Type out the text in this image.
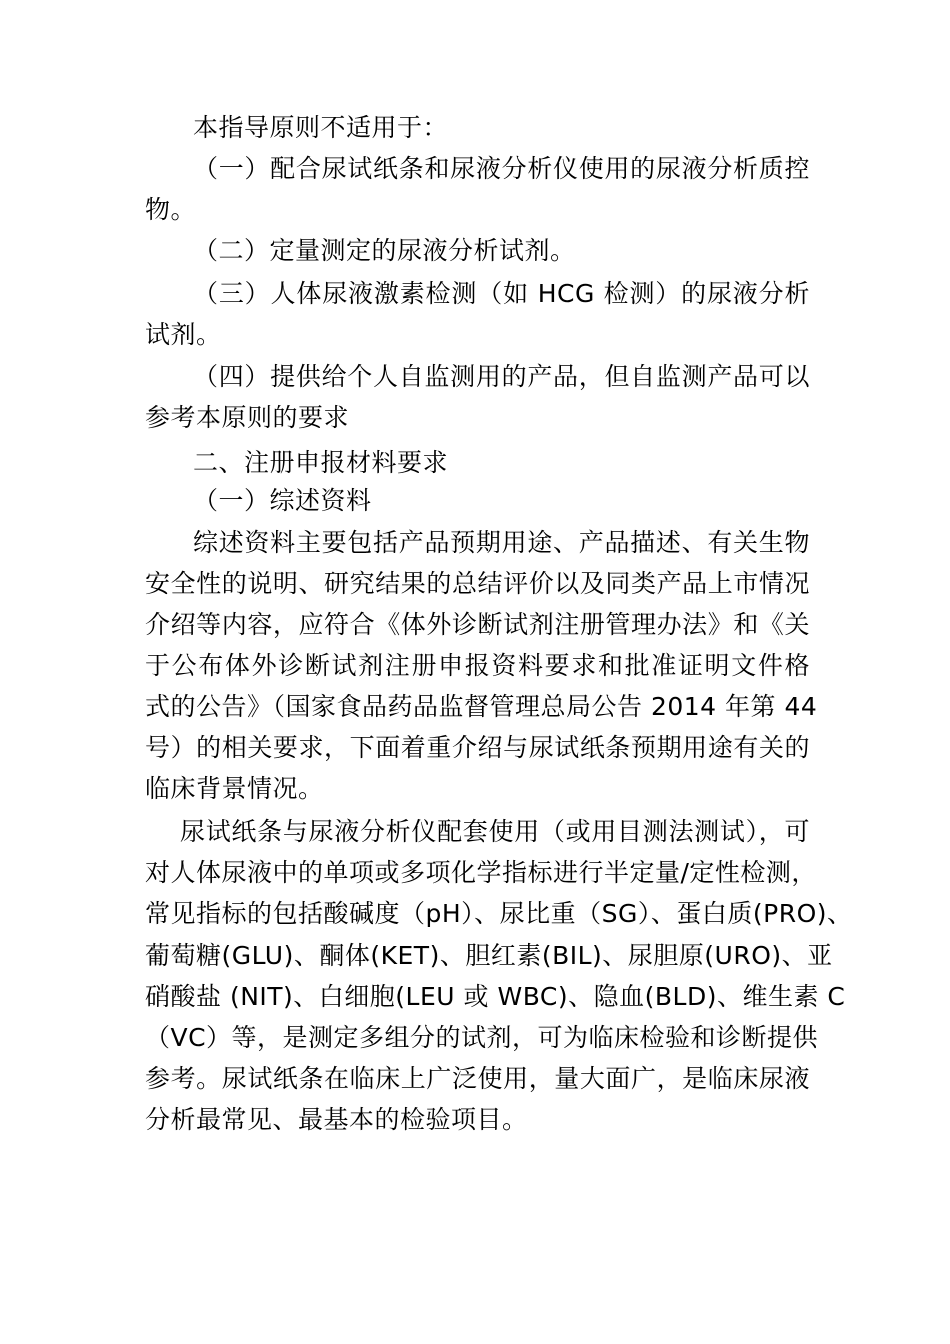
本指导原则不适用于：
（一）配合尿试纸条和尿液分析仪使用的尿液分析质控
物。
（二）定量测定的尿液分析试剂。
（三）人体尿液激素检测（如 HCG 检测）的尿液分析
试剂。
（四）提供给个人自监测用的产品，但自监测产品可以
参考本原则的要求
二、注册申报材料要求
（一）综述资料
综述资料主要包括产品预期用途、产品描述、有关生物
安全性的说明、研究结果的总结评价以及同类产品上市情况
介绍等内容，应符合《体外诊断试剂注册管理办法》和《关
于公布体外诊断试剂注册申报资料要求和批准证明文件格
式的公告》（国家食品药品监督管理总局公告 2014 年第 44
号）的相关要求，下面着重介绍与尿试纸条预期用途有关的
临床背景情况。
尿试纸条与尿液分析仪配套使用（或用目测法测试），可
对人体尿液中的单项或多项化学指标进行半定量/定性检测，
常见指标的包括酸碱度（pH）、尿比重（SG）、蛋白质(PRO)、
葡萄糖(GLU)、酮体(KET)、胆红素(BIL)、尿胆原(URO)、亚
硝酸盐 (NIT)、白细胞(LEU 或 WBC)、隐血(BLD)、维生素 C
（VC）等，是测定多组分的试剂，可为临床检验和诊断提供
参考。尿试纸条在临床上广泛使用，量大面广，是临床尿液
分析最常见、最基本的检验项目。
